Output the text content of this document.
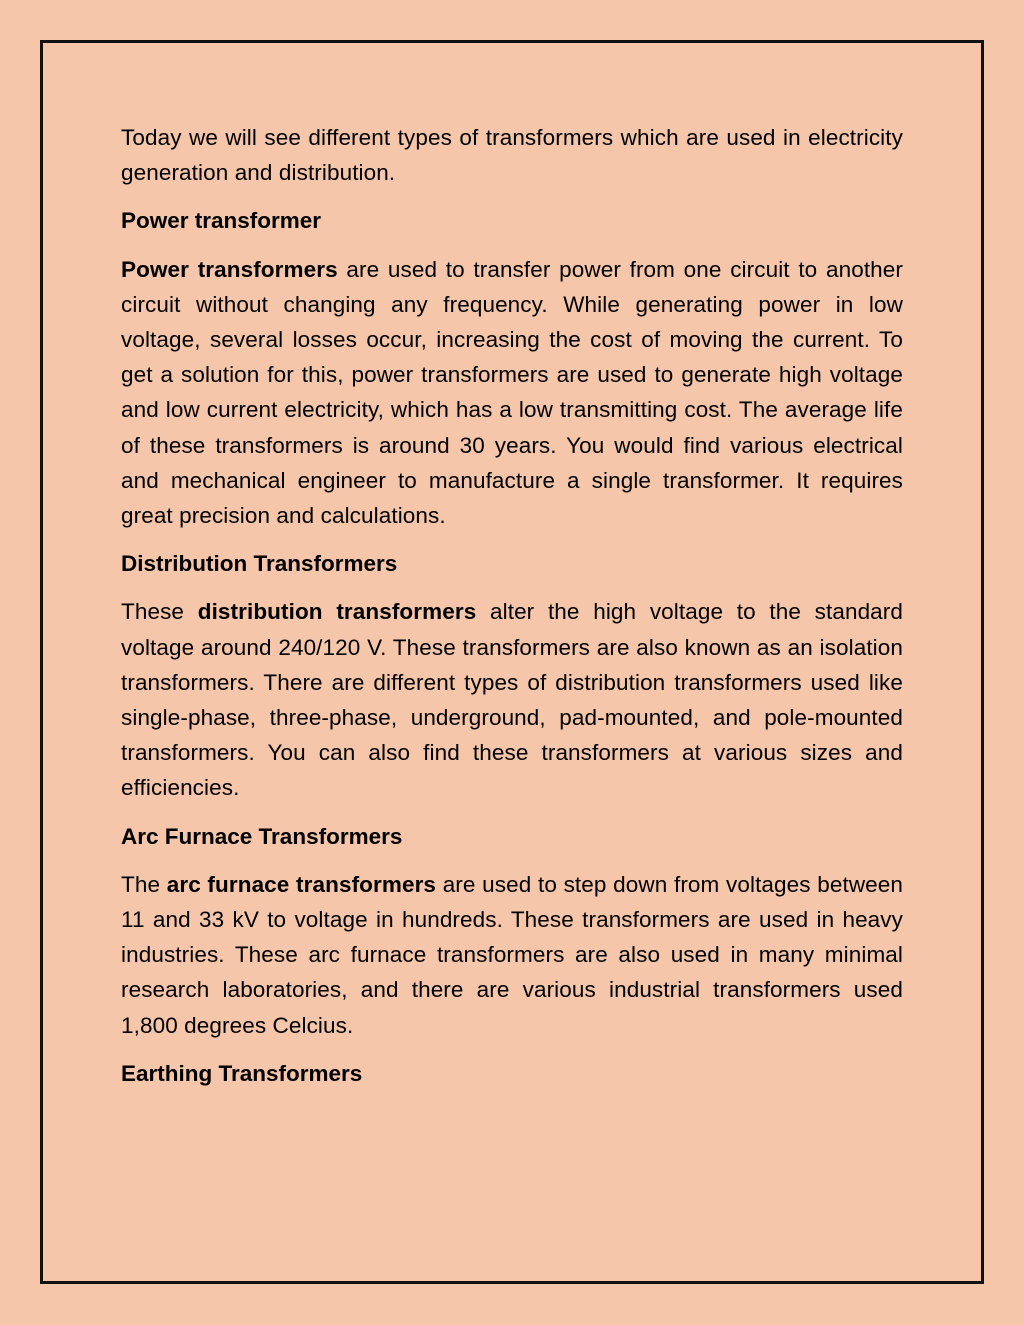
Today we will see different types of transformers which are used in electricity generation and distribution.

Power transformer

Power transformers are used to transfer power from one circuit to another circuit without changing any frequency. While generating power in low voltage, several losses occur, increasing the cost of moving the current. To get a solution for this, power transformers are used to generate high voltage and low current electricity, which has a low transmitting cost. The average life of these transformers is around 30 years. You would find various electrical and mechanical engineer to manufacture a single transformer. It requires great precision and calculations.

Distribution Transformers

These distribution transformers alter the high voltage to the standard voltage around 240/120 V. These transformers are also known as an isolation transformers. There are different types of distribution transformers used like single-phase, three-phase, underground, pad-mounted, and pole-mounted transformers. You can also find these transformers at various sizes and efficiencies.

Arc Furnace Transformers

The arc furnace transformers are used to step down from voltages between 11 and 33 kV to voltage in hundreds. These transformers are used in heavy industries. These arc furnace transformers are also used in many minimal research laboratories, and there are various industrial transformers used 1,800 degrees Celcius.

Earthing Transformers
